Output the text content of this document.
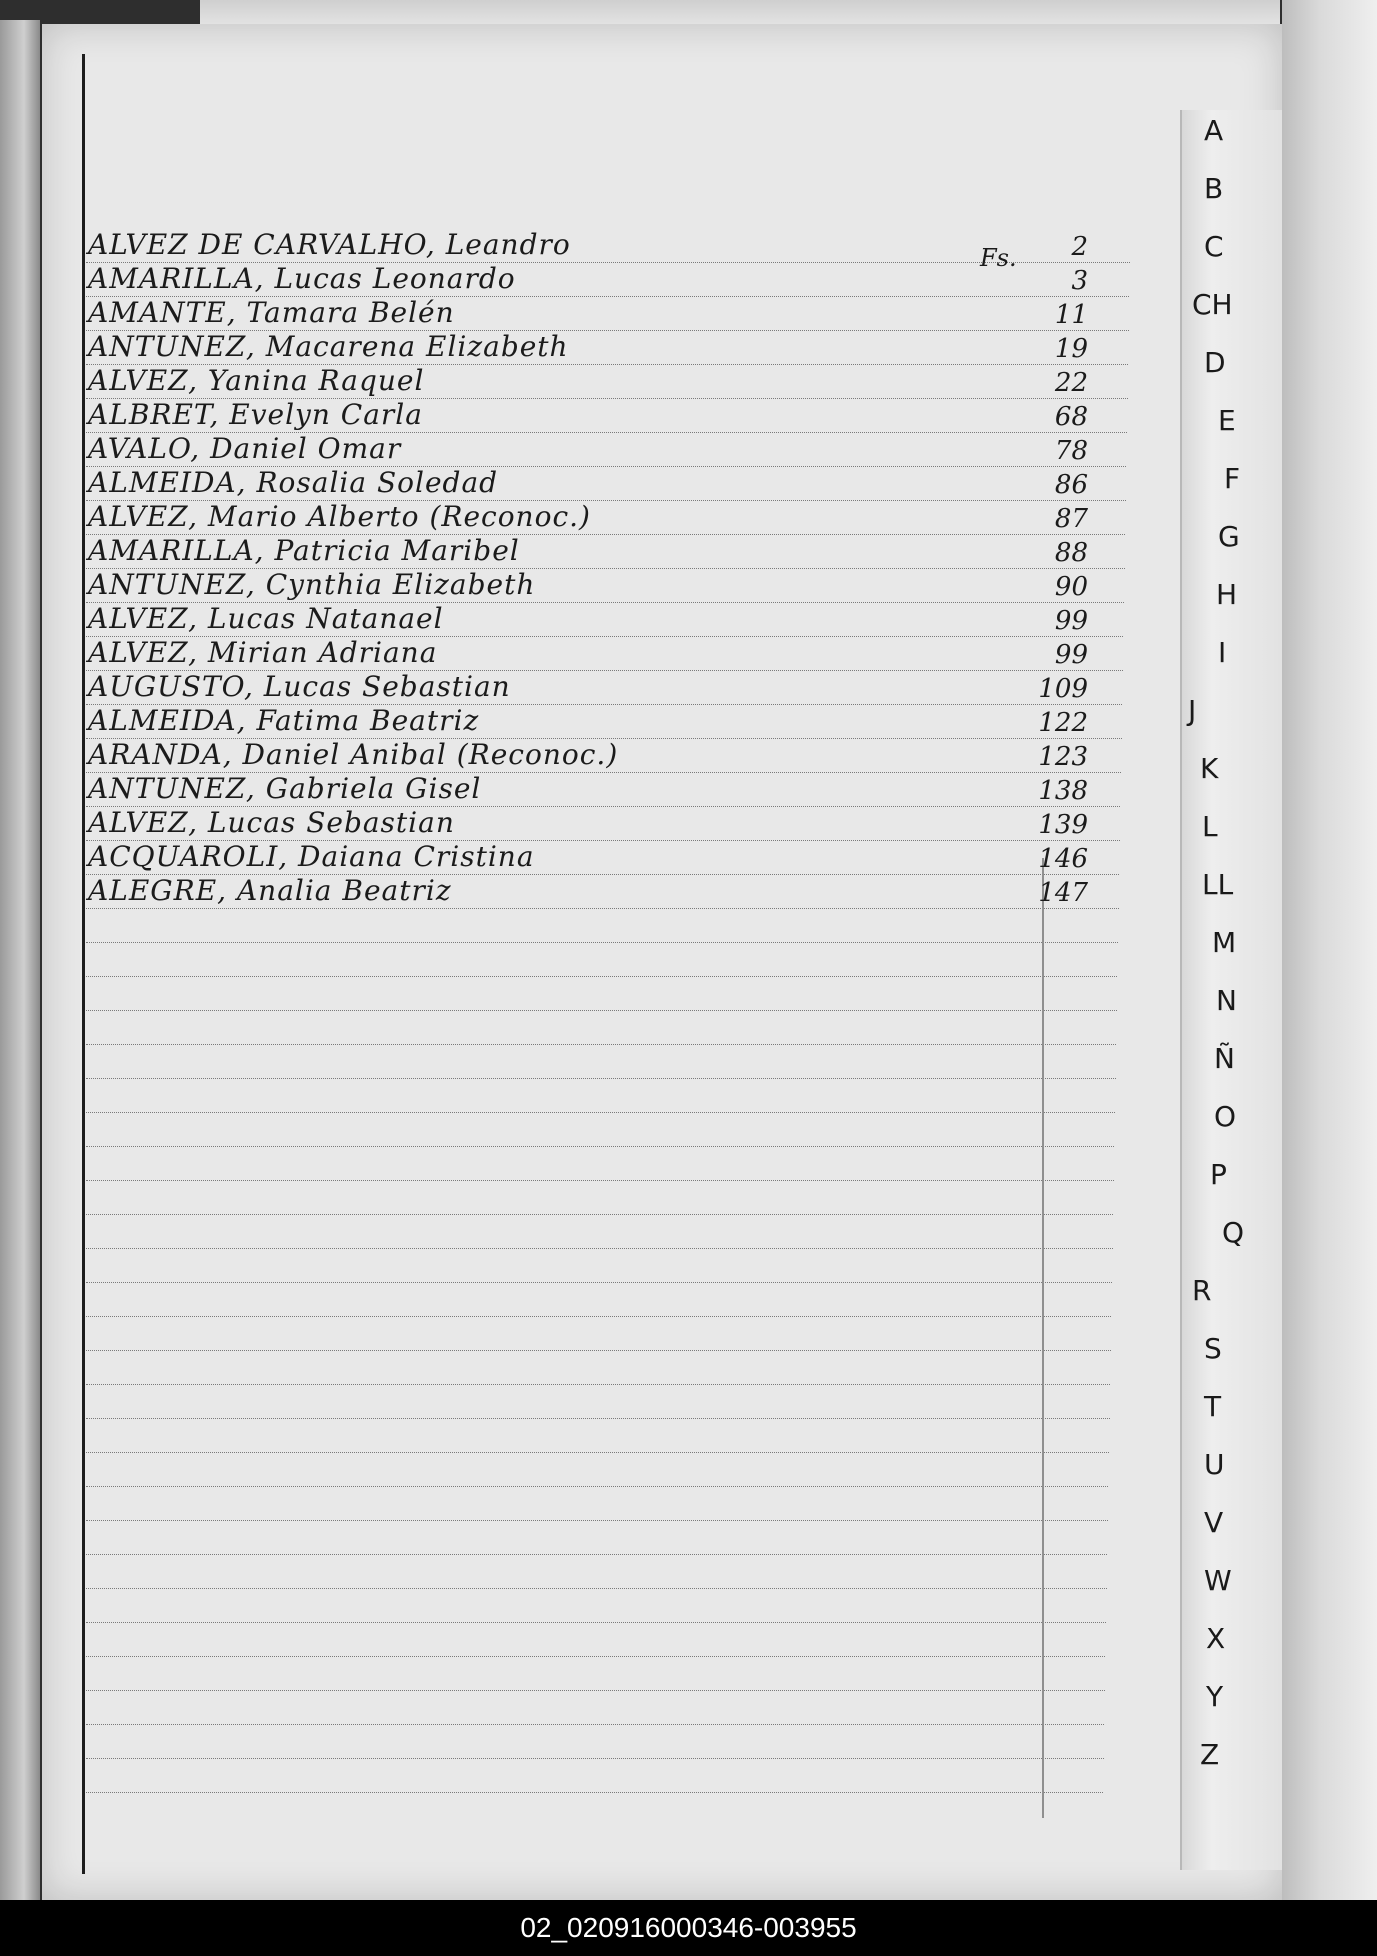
A
B
C
CH
D
E
F
G
H
I
J
K
L
LL
M
N
Ñ
O
P
Q
R
S
T
U
V
W
X
Y
Z
Fs.
ALVEZ DE CARVALHO, Leandro	2
AMARILLA, Lucas Leonardo	3
AMANTE, Tamara Belén	11
ANTUNEZ, Macarena Elizabeth	19
ALVEZ, Yanina Raquel	22
ALBRET, Evelyn Carla	68
AVALO, Daniel Omar	78
ALMEIDA, Rosalia Soledad	86
ALVEZ, Mario Alberto (Reconoc.)	87
AMARILLA, Patricia Maribel	88
ANTUNEZ, Cynthia Elizabeth	90
ALVEZ, Lucas Natanael	99
ALVEZ, Mirian Adriana	99
AUGUSTO, Lucas Sebastian	109
ALMEIDA, Fatima Beatriz	122
ARANDA, Daniel Anibal (Reconoc.)	123
ANTUNEZ, Gabriela Gisel	138
ALVEZ, Lucas Sebastian	139
ACQUAROLI, Daiana Cristina	146
ALEGRE, Analia Beatriz	147
02_020916000346-003955
